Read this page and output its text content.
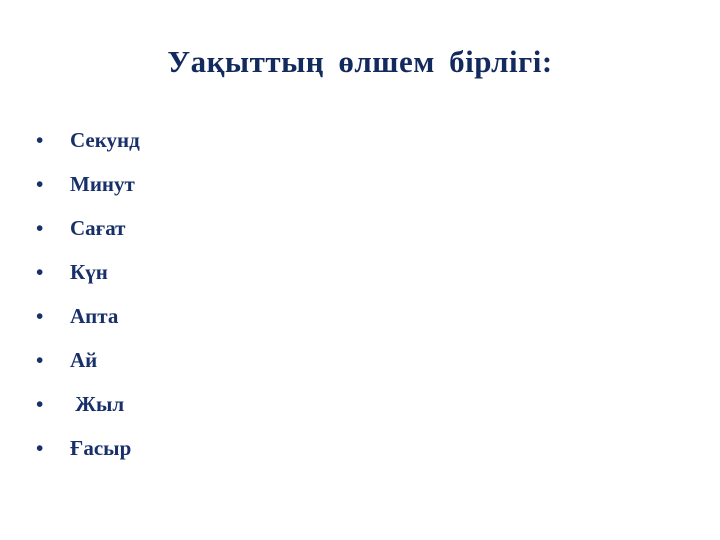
Уақыттың өлшем бірлігі:
•	Секунд
•	Минут
•	Сағат
•	Күн
•	Апта
•	Ай
•	Жыл
•	Ғасыр
